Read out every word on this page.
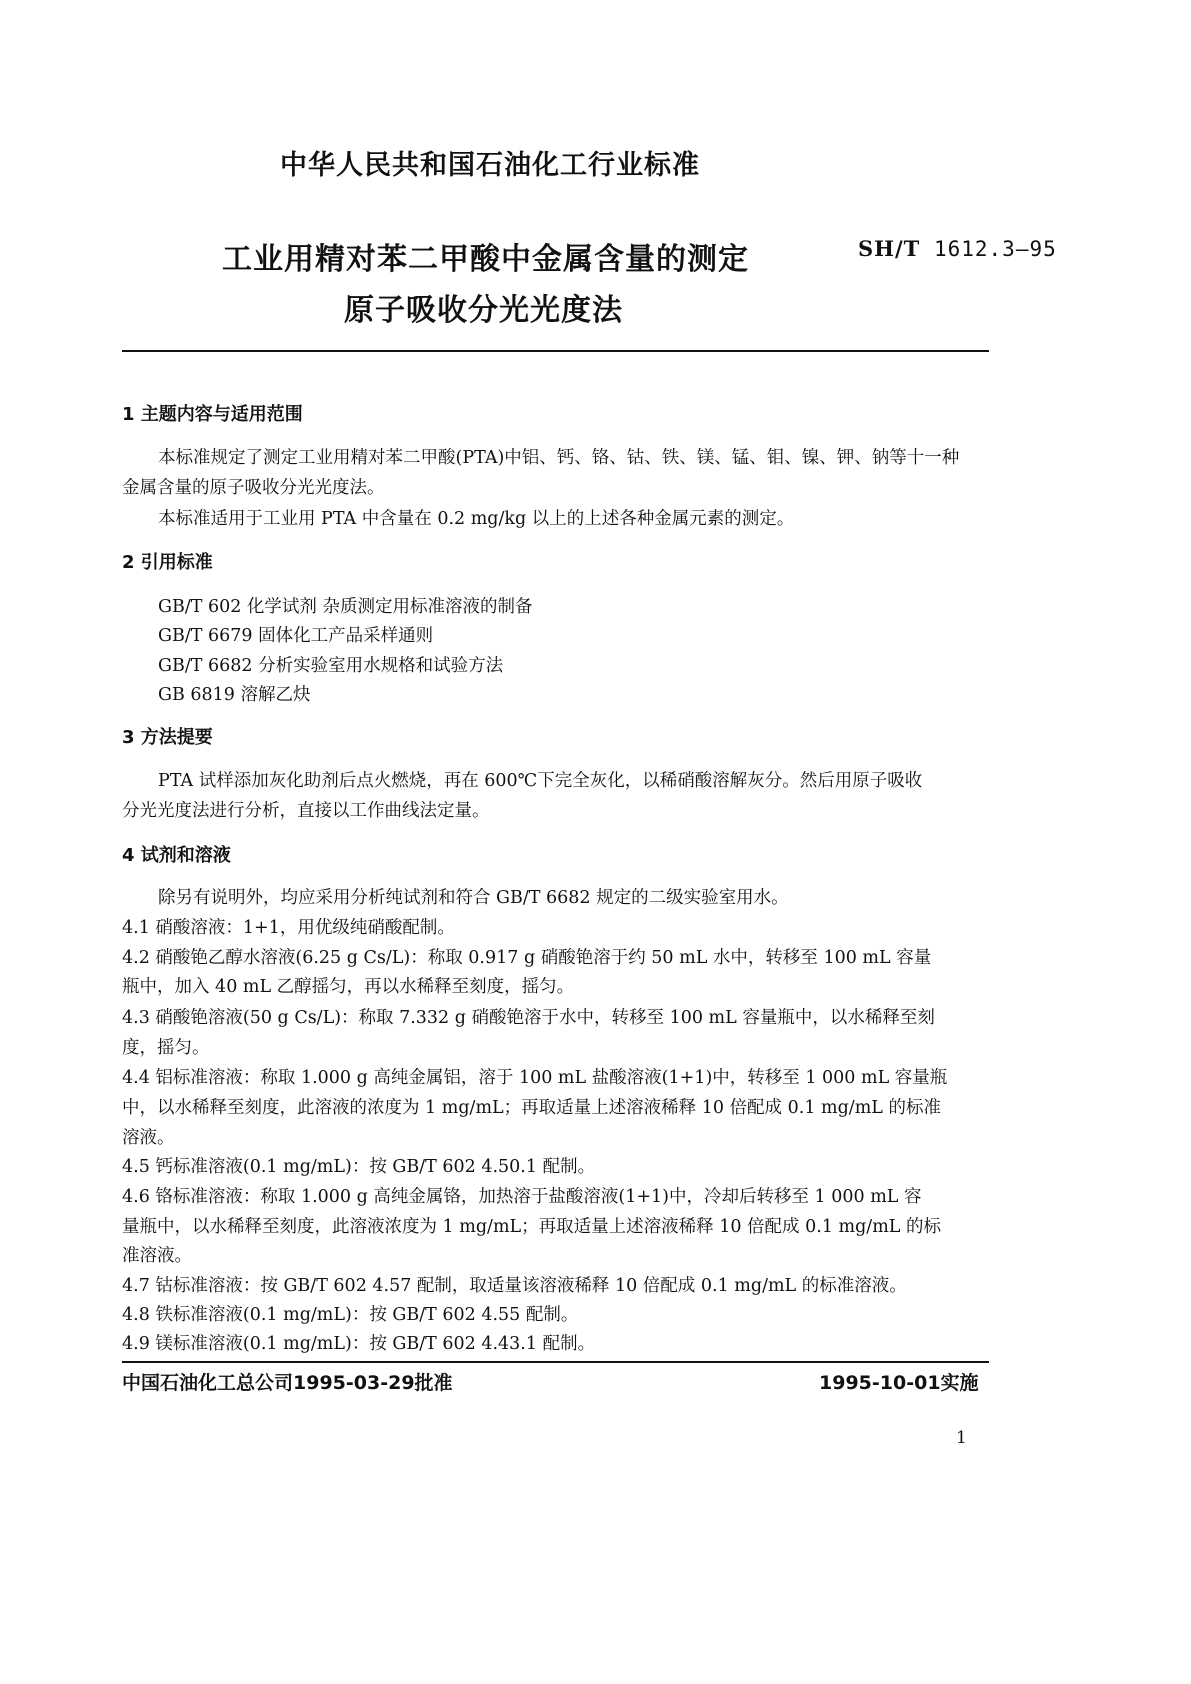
中华人民共和国石油化工行业标准
工业用精对苯二甲酸中金属含量的测定
原子吸收分光光度法
SH/T 1612.3—95
1 主题内容与适用范围
本标准规定了测定工业用精对苯二甲酸(PTA)中铝、钙、铬、钴、铁、镁、锰、钼、镍、钾、钠等十一种
金属含量的原子吸收分光光度法。
本标准适用于工业用 PTA 中含量在 0.2 mg/kg 以上的上述各种金属元素的测定。
2 引用标准
GB/T 602 化学试剂 杂质测定用标准溶液的制备
GB/T 6679 固体化工产品采样通则
GB/T 6682 分析实验室用水规格和试验方法
GB 6819 溶解乙炔
3 方法提要
PTA 试样添加灰化助剂后点火燃烧，再在 600℃下完全灰化，以稀硝酸溶解灰分。然后用原子吸收
分光光度法进行分析，直接以工作曲线法定量。
4 试剂和溶液
除另有说明外，均应采用分析纯试剂和符合 GB/T 6682 规定的二级实验室用水。
4.1 硝酸溶液：1+1，用优级纯硝酸配制。
4.2 硝酸铯乙醇水溶液(6.25 g Cs/L)：称取 0.917 g 硝酸铯溶于约 50 mL 水中，转移至 100 mL 容量
瓶中，加入 40 mL 乙醇摇匀，再以水稀释至刻度，摇匀。
4.3 硝酸铯溶液(50 g Cs/L)：称取 7.332 g 硝酸铯溶于水中，转移至 100 mL 容量瓶中，以水稀释至刻
度，摇匀。
4.4 铝标准溶液：称取 1.000 g 高纯金属铝，溶于 100 mL 盐酸溶液(1+1)中，转移至 1 000 mL 容量瓶
中，以水稀释至刻度，此溶液的浓度为 1 mg/mL；再取适量上述溶液稀释 10 倍配成 0.1 mg/mL 的标准
溶液。
4.5 钙标准溶液(0.1 mg/mL)：按 GB/T 602 4.50.1 配制。
4.6 铬标准溶液：称取 1.000 g 高纯金属铬，加热溶于盐酸溶液(1+1)中，冷却后转移至 1 000 mL 容
量瓶中，以水稀释至刻度，此溶液浓度为 1 mg/mL；再取适量上述溶液稀释 10 倍配成 0.1 mg/mL 的标
准溶液。
4.7 钴标准溶液：按 GB/T 602 4.57 配制，取适量该溶液稀释 10 倍配成 0.1 mg/mL 的标准溶液。
4.8 铁标准溶液(0.1 mg/mL)：按 GB/T 602 4.55 配制。
4.9 镁标准溶液(0.1 mg/mL)：按 GB/T 602 4.43.1 配制。
中国石油化工总公司1995-03-29批准	1995-10-01实施
1
